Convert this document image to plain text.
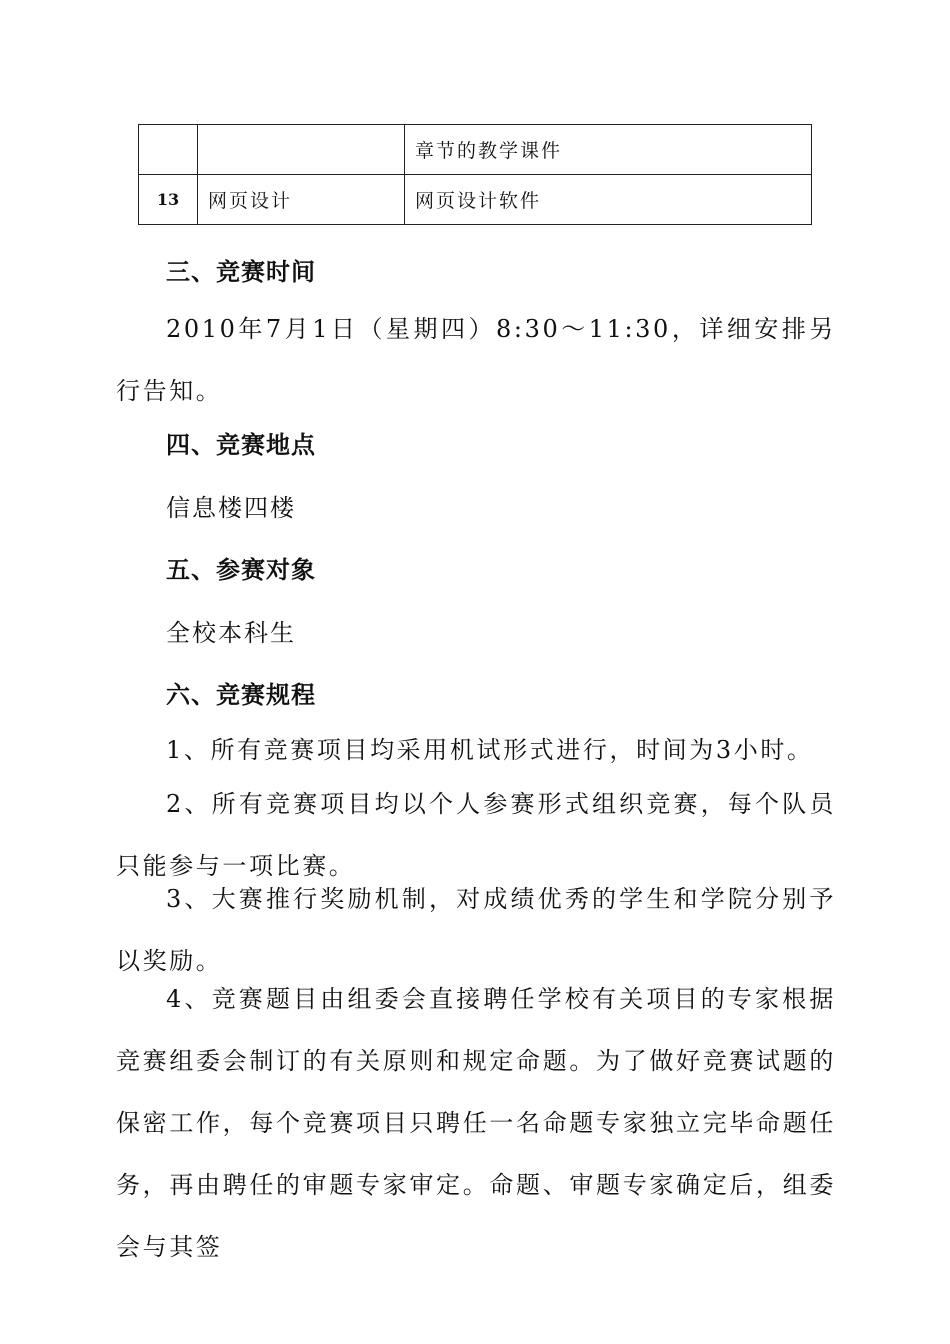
		章节的教学课件
13	网页设计	网页设计软件
三、竞赛时间
2010年7月1日（星期四）8:30～11:30，详细安排另行告知。
四、竞赛地点
信息楼四楼
五、参赛对象
全校本科生
六、竞赛规程
1、所有竞赛项目均采用机试形式进行，时间为3小时。
2、所有竞赛项目均以个人参赛形式组织竞赛，每个队员只能参与一项比赛。
3、大赛推行奖励机制，对成绩优秀的学生和学院分别予以奖励。
4、竞赛题目由组委会直接聘任学校有关项目的专家根据竞赛组委会制订的有关原则和规定命题。为了做好竞赛试题的保密工作，每个竞赛项目只聘任一名命题专家独立完毕命题任务，再由聘任的审题专家审定。命题、审题专家确定后，组委会与其签
